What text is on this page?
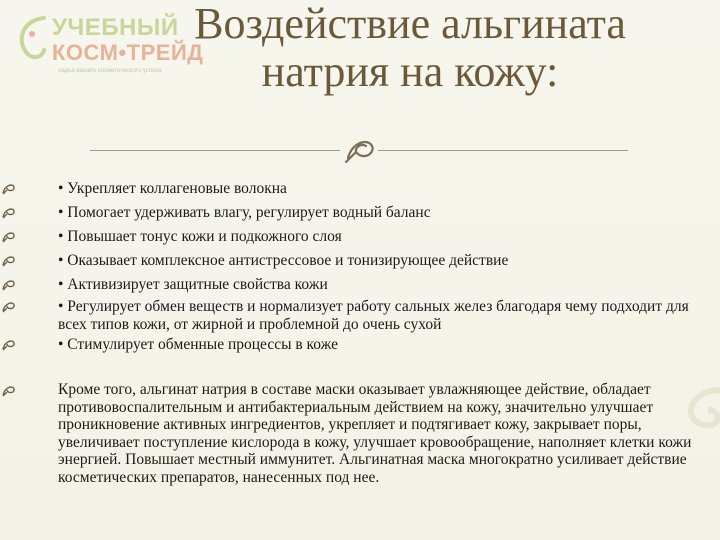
УЧЕБНЫЙ
КОСМ•ТРЕЙД
ладья вашего косметического успеха
Воздействие альгината
натрия на кожу:
• Укрепляет коллагеновые волокна
• Помогает удерживать влагу, регулирует водный баланс
• Повышает тонус кожи и подкожного слоя
• Оказывает комплексное антистрессовое и тонизирующее действие
• Активизирует защитные свойства кожи
• Регулирует обмен веществ и нормализует работу сальных желез благодаря чему подходит для всех типов кожи, от жирной и проблемной до очень сухой
• Стимулирует обменные процессы в коже
Кроме того, альгинат натрия в составе маски оказывает увлажняющее действие, обладает противовоспалительным и антибактериальным действием на кожу, значительно улучшает проникновение активных ингредиентов, укрепляет и подтягивает кожу, закрывает поры, увеличивает поступление кислорода в кожу, улучшает кровообращение, наполняет клетки кожи энергией. Повышает местный иммунитет. Альгинатная маска многократно усиливает действие косметических препаратов, нанесенных под нее.
